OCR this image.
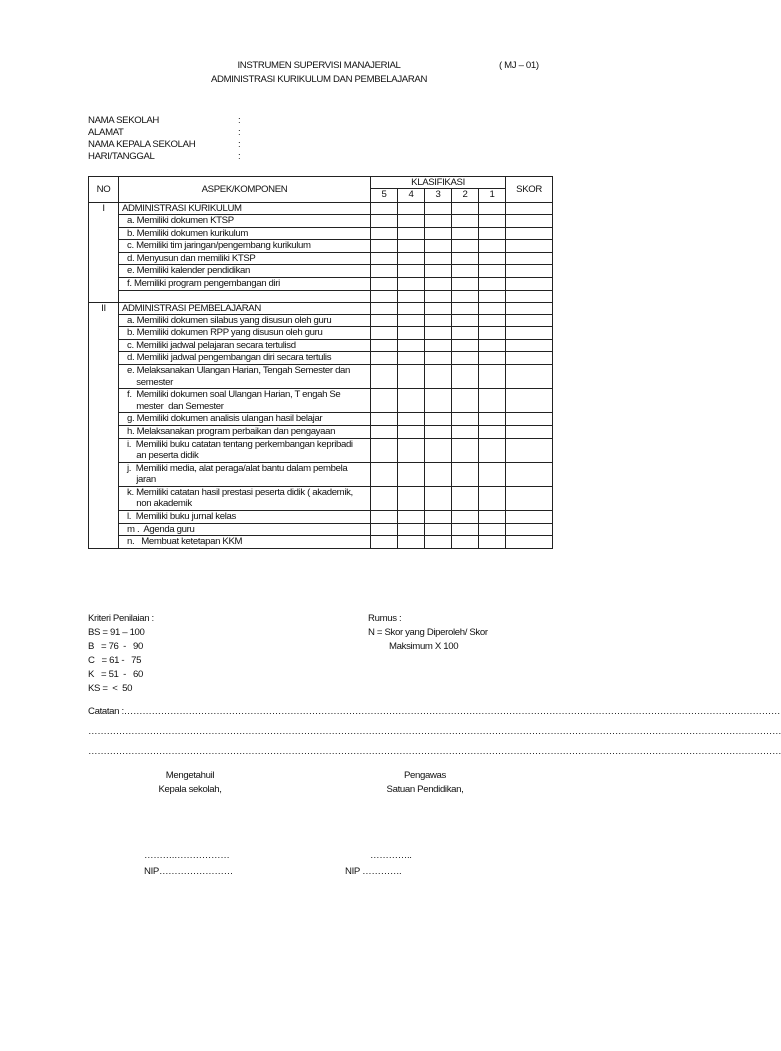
INSTRUMEN SUPERVISI MANAJERIAL	( MJ – 01)
ADMINISTRASI KURIKULUM DAN PEMBELAJARAN
NAMA SEKOLAH	:
ALAMAT	:
NAMA KEPALA SEKOLAH	:
HARI/TANGGAL	:
NO	ASPEK/KOMPONEN	KLASIFIKASI					SKOR
		5	4	3	2	1	
I	ADMINISTRASI KURIKULUM						
	a. Memiliki dokumen KTSP						
	b. Memiliki dokumen kurikulum						
	c. Memiliki tim jaringan/pengembang kurikulum						
	d. Menyusun dan memiliki KTSP						
	e. Memiliki kalender pendidikan						
	f. Memiliki program pengembangan diri						

II	ADMINISTRASI PEMBELAJARAN						
	a. Memiliki dokumen silabus yang disusun oleh guru						
	b. Memiliki dokumen RPP yang disusun oleh guru						
	c. Memiliki jadwal pelajaran secara tertulisd						
	d. Memiliki jadwal pengembangan diri secara tertulis						
	e. Melaksanakan Ulangan Harian, Tengah Semester dan
semester						
	f.  Memiliki dokumen soal Ulangan Harian, T engah Se
mester  dan Semester						
	g. Memiliki dokumen analisis ulangan hasil belajar						
	h. Melaksanakan program perbaikan dan pengayaan						
	i.  Memiliki buku catatan tentang perkembangan kepribadi
an peserta didik						
	j.  Memiliki media, alat peraga/alat bantu dalam pembela
jaran						
	k. Memiliki catatan hasil prestasi peserta didik ( akademik,
non akademik						
	l.  Memiliki buku jurnal kelas						
	m .  Agenda guru						
	n.   Membuat ketetapan KKM						
Kriteri Penilaian :
BS = 91 – 100
B   = 76  -   90
C   = 61 -   75
K   = 51  -   60
KS =  <  50
Rumus :
N = Skor yang Diperoleh/ Skor
Maksimum X 100
Catatan :……………………………………………………………………………………………………………………………………………………………………………………………
………………………………………………………………………………………………………………………………………………………………………………………………………
………………………………………………………………………………………………………………………………………………………………………………………………………
Mengetahuil
Kepala sekolah,
Pengawas
Satuan Pendidikan,
……….………………
NIP……………………
…………..
NIP ………….
